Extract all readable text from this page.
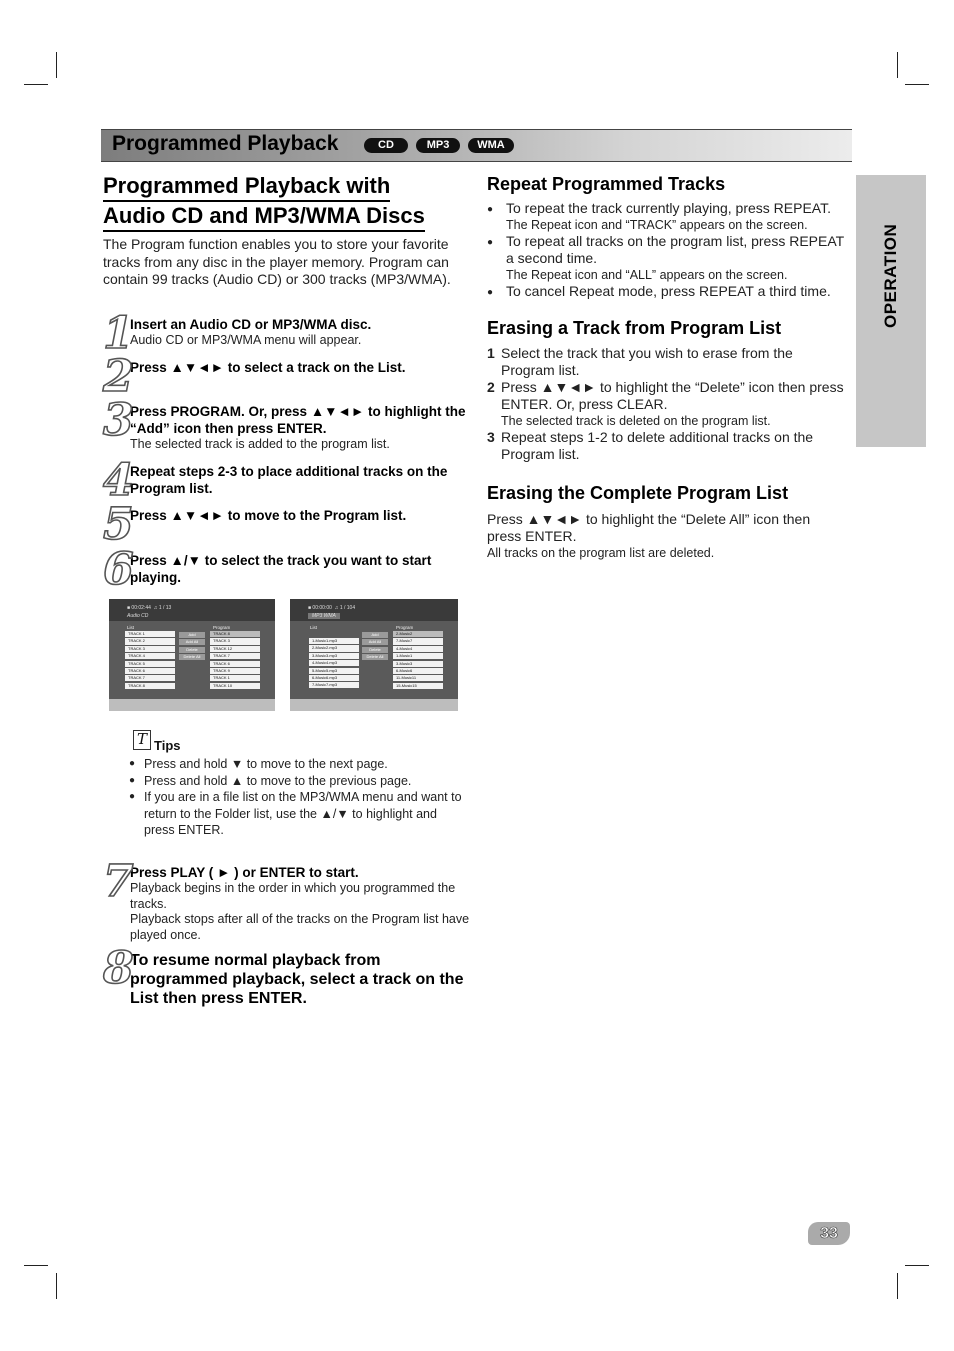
Programmed Playback	CD	MP3	WMA
OPERATION
Programmed Playback with
Audio CD and MP3/WMA Discs
The Program function enables you to store your favorite tracks from any disc in the player memory. Program can contain 99 tracks (Audio CD) or 300 tracks (MP3/WMA).
1
Insert an Audio CD or MP3/WMA disc.
Audio CD or MP3/WMA menu will appear.
2
Press ▲▼◄► to select a track on the List.
3
Press PROGRAM. Or, press ▲▼◄► to highlight the “Add” icon then press ENTER.
The selected track is added to the program list.
4
Repeat steps 2-3 to place additional tracks on the Program list.
5
Press ▲▼◄► to move to the Program list.
6
Press ▲/▼ to select the track you want to start playing.
■ 00:02:44  ♫ 1 / 13
Audio CD
List	Program
TRACK 1
TRACK 2
TRACK 3
TRACK 4
TRACK 5
TRACK 6
TRACK 7
TRACK 8
Add
Add All
Delete
Delete All
TRACK 8
TRACK 3
TRACK 12
TRACK 7
TRACK 6
TRACK 9
TRACK 1
TRACK 10
■ 00:00:00  ♫ 1 / 104
MP3 WMA
List	Program
1-Music1.mp3
2-Music2.mp3
3-Music3.mp3
4-Music4.mp3
5-Music5.mp3
6-Music6.mp3
7-Music7.mp3
Add
Add All
Delete
Delete All
2-Music2
7-Music7
4-Music4
1-Music1
3-Music3
6-Music6
11-Music11
15-Music15
T Tips
● Press and hold ▼ to move to the next page.
● Press and hold ▲ to move to the previous page.
● If you are in a file list on the MP3/WMA menu and want to return to the Folder list, use the ▲/▼ to highlight and press ENTER.
7
Press PLAY ( ► ) or ENTER to start.
Playback begins in the order in which you programmed the tracks.
Playback stops after all of the tracks on the Program list have played once.
8
To resume normal playback from programmed playback, select a track on the List then press ENTER.
Repeat Programmed Tracks
● To repeat the track currently playing, press REPEAT.
The Repeat icon and “TRACK” appears on the screen.
● To repeat all tracks on the program list, press REPEAT a second time.
The Repeat icon and “ALL” appears on the screen.
● To cancel Repeat mode, press REPEAT a third time.
Erasing a Track from Program List
1 Select the track that you wish to erase from the Program list.
2 Press ▲▼◄► to highlight the “Delete” icon then press ENTER. Or, press CLEAR.
The selected track is deleted on the program list.
3 Repeat steps 1-2 to delete additional tracks on the Program list.
Erasing the Complete Program List
Press ▲▼◄► to highlight the “Delete All” icon then press ENTER.
All tracks on the program list are deleted.
33
